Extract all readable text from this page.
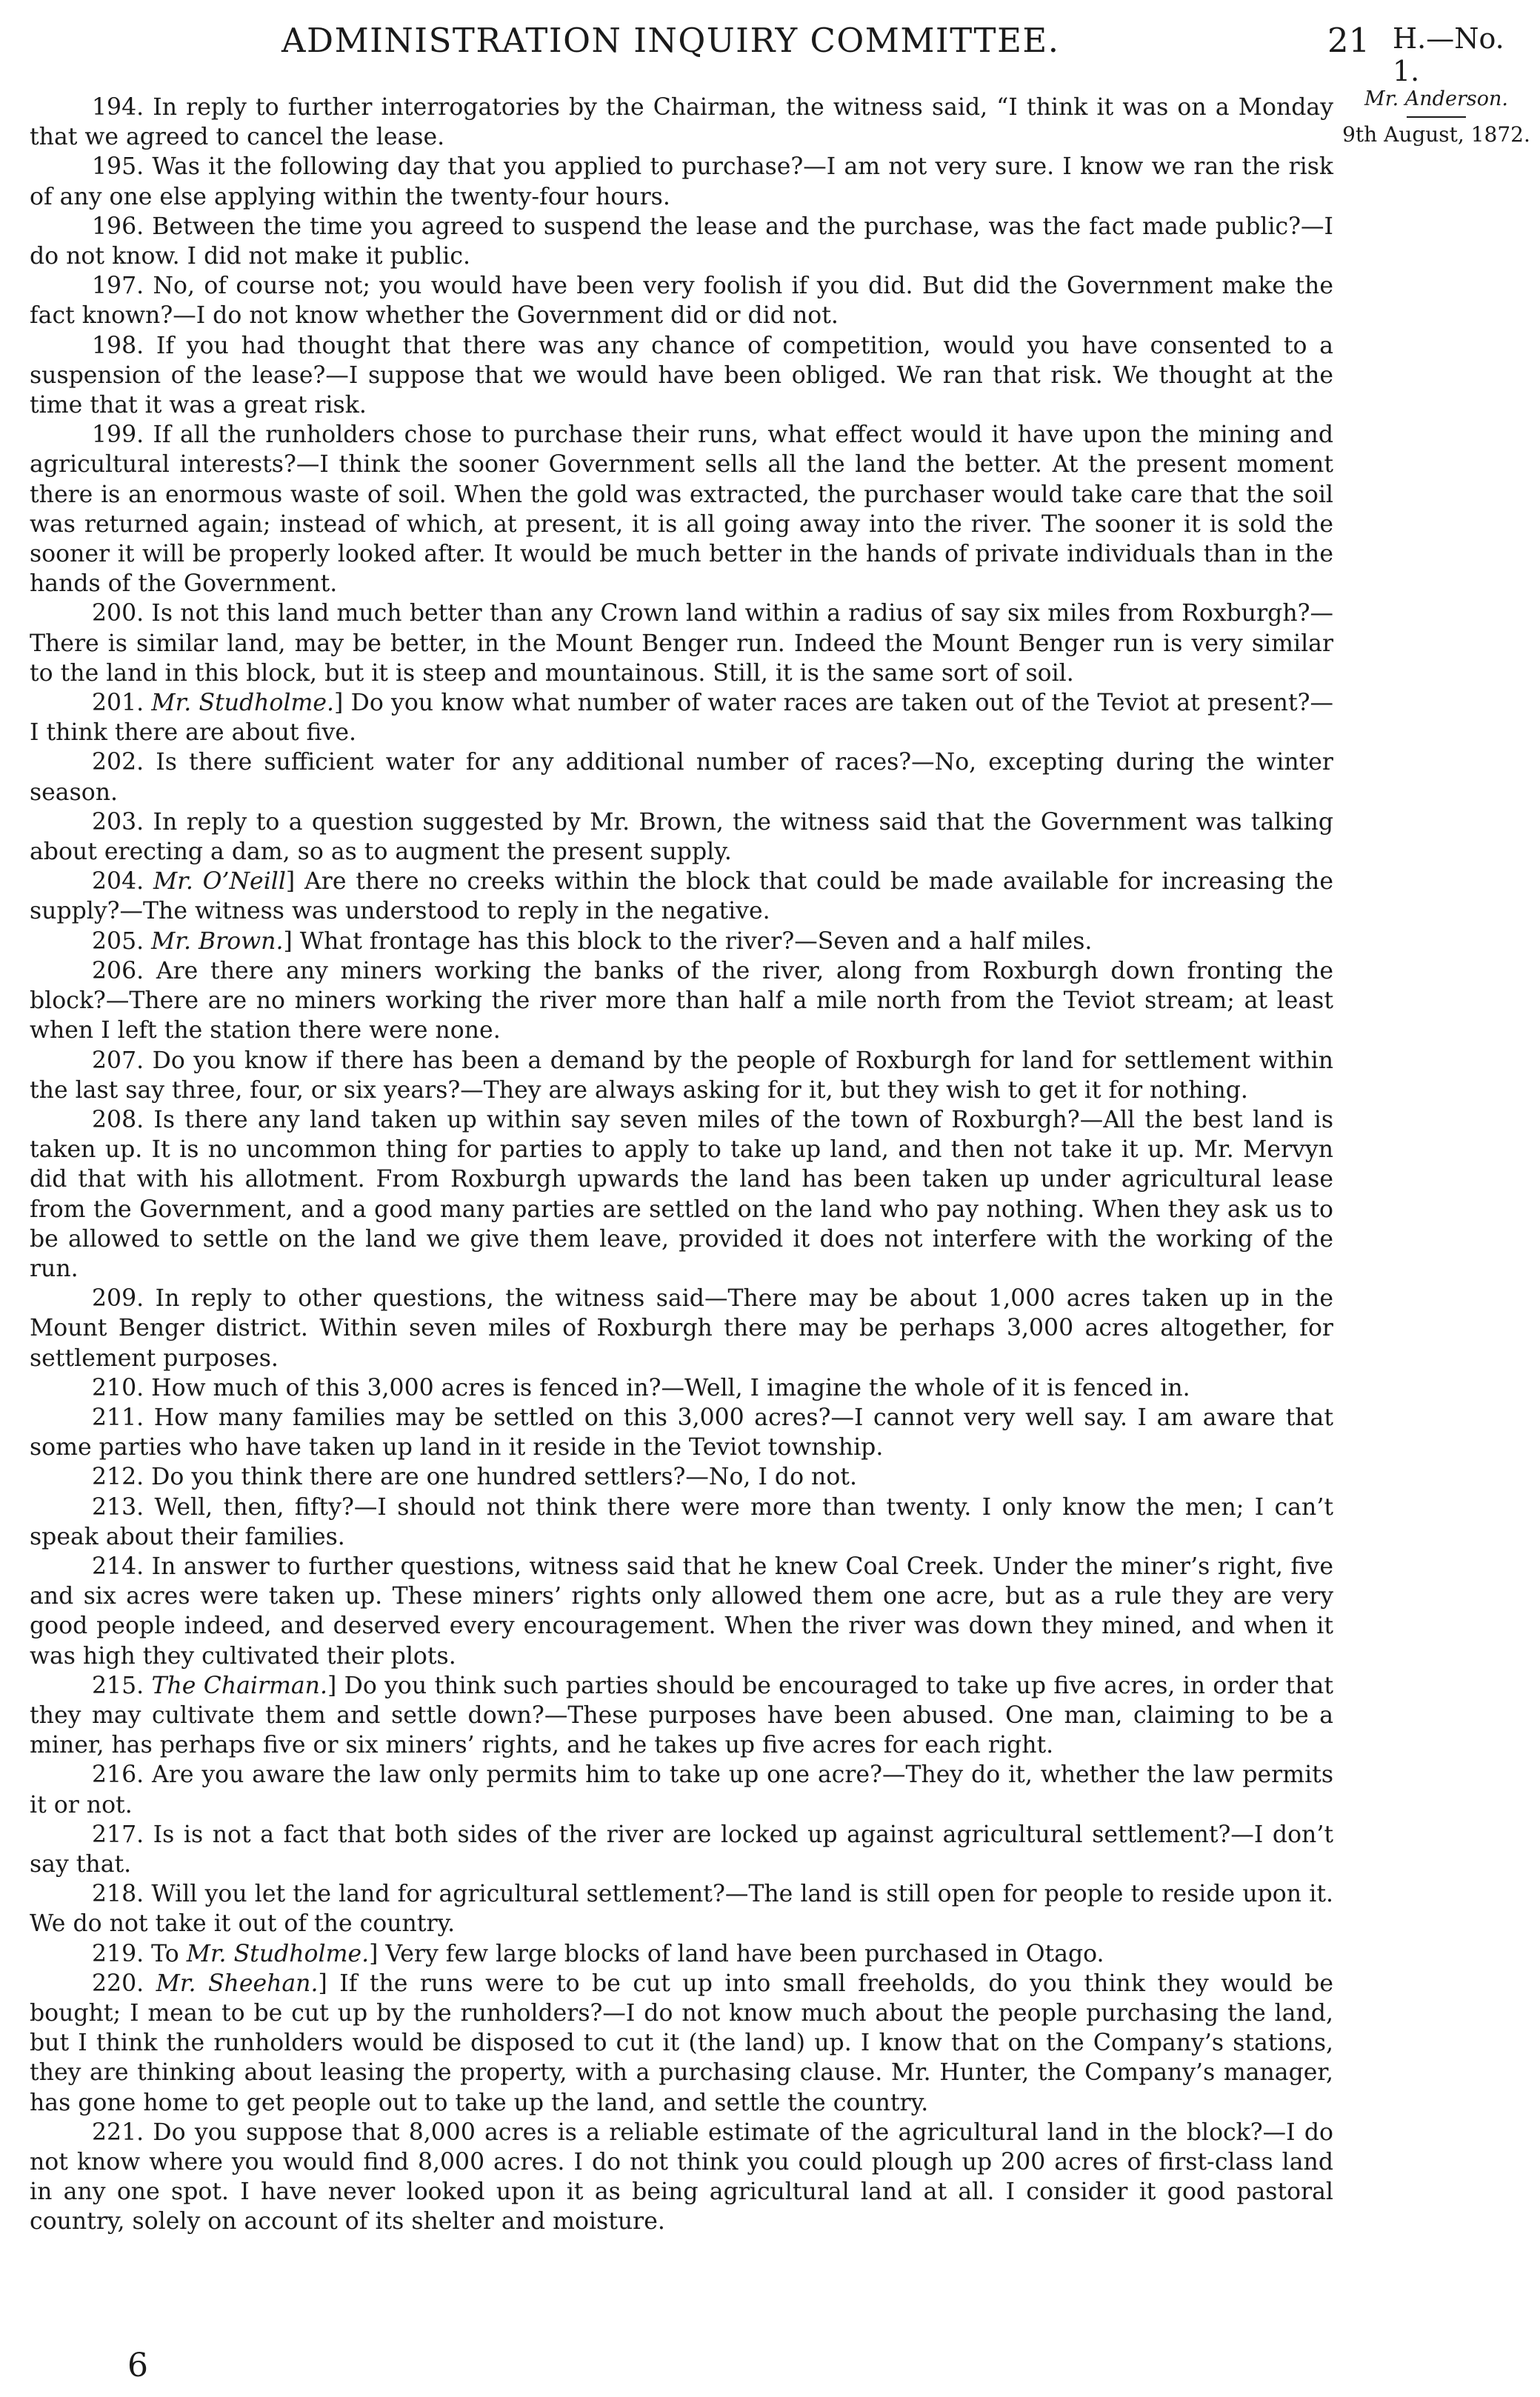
ADMINISTRATION INQUIRY COMMITTEE.	21 H.—No. 1.
Mr. Anderson.
9th August, 1872.

194. In reply to further interrogatories by the Chairman, the witness said, “I think it was on a Monday that we agreed to cancel the lease.

195. Was it the following day that you applied to purchase?—I am not very sure. I know we ran the risk of any one else applying within the twenty-four hours.

196. Between the time you agreed to suspend the lease and the purchase, was the fact made public?—I do not know. I did not make it public.

197. No, of course not; you would have been very foolish if you did. But did the Government make the fact known?—I do not know whether the Government did or did not.

198. If you had thought that there was any chance of competition, would you have consented to a suspension of the lease?—I suppose that we would have been obliged. We ran that risk. We thought at the time that it was a great risk.

199. If all the runholders chose to purchase their runs, what effect would it have upon the mining and agricultural interests?—I think the sooner Government sells all the land the better. At the present moment there is an enormous waste of soil. When the gold was extracted, the purchaser would take care that the soil was returned again; instead of which, at present, it is all going away into the river. The sooner it is sold the sooner it will be properly looked after. It would be much better in the hands of private individuals than in the hands of the Government.

200. Is not this land much better than any Crown land within a radius of say six miles from Roxburgh?—There is similar land, may be better, in the Mount Benger run. Indeed the Mount Benger run is very similar to the land in this block, but it is steep and mountainous. Still, it is the same sort of soil.

201. Mr. Studholme.] Do you know what number of water races are taken out of the Teviot at present?—I think there are about five.

202. Is there sufficient water for any additional number of races?—No, excepting during the winter season.

203. In reply to a question suggested by Mr. Brown, the witness said that the Government was talking about erecting a dam, so as to augment the present supply.

204. Mr. O’Neill] Are there no creeks within the block that could be made available for increasing the supply?—The witness was understood to reply in the negative.

205. Mr. Brown.] What frontage has this block to the river?—Seven and a half miles.

206. Are there any miners working the banks of the river, along from Roxburgh down fronting the block?—There are no miners working the river more than half a mile north from the Teviot stream; at least when I left the station there were none.

207. Do you know if there has been a demand by the people of Roxburgh for land for settlement within the last say three, four, or six years?—They are always asking for it, but they wish to get it for nothing.

208. Is there any land taken up within say seven miles of the town of Roxburgh?—All the best land is taken up. It is no uncommon thing for parties to apply to take up land, and then not take it up. Mr. Mervyn did that with his allotment. From Roxburgh upwards the land has been taken up under agricultural lease from the Government, and a good many parties are settled on the land who pay nothing. When they ask us to be allowed to settle on the land we give them leave, provided it does not interfere with the working of the run.

209. In reply to other questions, the witness said—There may be about 1,000 acres taken up in the Mount Benger district. Within seven miles of Roxburgh there may be perhaps 3,000 acres altogether, for settlement purposes.

210. How much of this 3,000 acres is fenced in?—Well, I imagine the whole of it is fenced in.

211. How many families may be settled on this 3,000 acres?—I cannot very well say. I am aware that some parties who have taken up land in it reside in the Teviot township.

212. Do you think there are one hundred settlers?—No, I do not.

213. Well, then, fifty?—I should not think there were more than twenty. I only know the men; I can’t speak about their families.

214. In answer to further questions, witness said that he knew Coal Creek. Under the miner’s right, five and six acres were taken up. These miners’ rights only allowed them one acre, but as a rule they are very good people indeed, and deserved every encouragement. When the river was down they mined, and when it was high they cultivated their plots.

215. The Chairman.] Do you think such parties should be encouraged to take up five acres, in order that they may cultivate them and settle down?—These purposes have been abused. One man, claiming to be a miner, has perhaps five or six miners’ rights, and he takes up five acres for each right.

216. Are you aware the law only permits him to take up one acre?—They do it, whether the law permits it or not.

217. Is is not a fact that both sides of the river are locked up against agricultural settlement?—I don’t say that.

218. Will you let the land for agricultural settlement?—The land is still open for people to reside upon it. We do not take it out of the country.

219. To Mr. Studholme.] Very few large blocks of land have been purchased in Otago.

220. Mr. Sheehan.] If the runs were to be cut up into small freeholds, do you think they would be bought; I mean to be cut up by the runholders?—I do not know much about the people purchasing the land, but I think the runholders would be disposed to cut it (the land) up. I know that on the Company’s stations, they are thinking about leasing the property, with a purchasing clause. Mr. Hunter, the Company’s manager, has gone home to get people out to take up the land, and settle the country.

221. Do you suppose that 8,000 acres is a reliable estimate of the agricultural land in the block?—I do not know where you would find 8,000 acres. I do not think you could plough up 200 acres of first-class land in any one spot. I have never looked upon it as being agricultural land at all. I consider it good pastoral country, solely on account of its shelter and moisture.

6
